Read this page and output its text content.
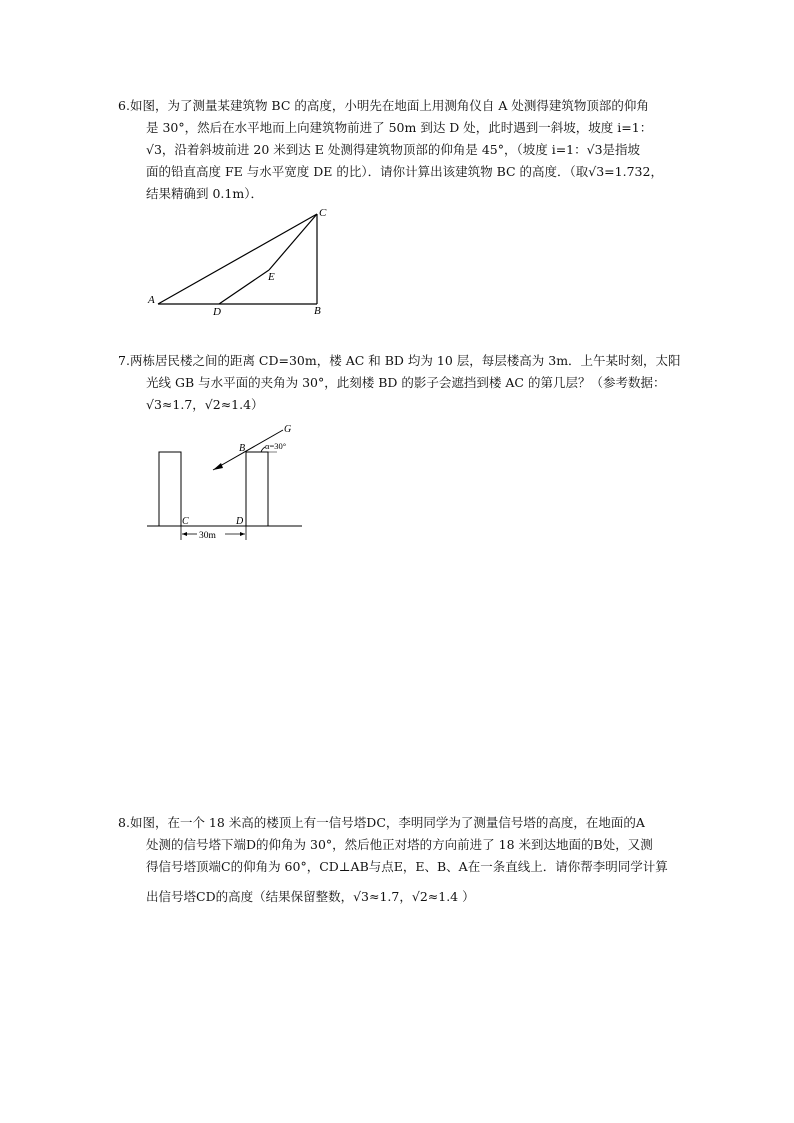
6.如图，为了测量某建筑物 BC 的高度，小明先在地面上用测角仪自 A 处测得建筑物顶部的仰角

是 30°，然后在水平地而上向建筑物前进了 50m 到达 D 处，此时遇到一斜坡，坡度 i=1：

√3，沿着斜坡前进 20 米到达 E 处测得建筑物顶部的仰角是 45°，（坡度 i=1：√3是指坡

面的铅直高度 FE 与水平宽度 DE 的比）．请你计算出该建筑物 BC 的高度．（取√3=1.732，

结果精确到 0.1m）．

A
D	B
C
E

7.两栋居民楼之间的距离 CD=30m，楼 AC 和 BD 均为 10 层，每层楼高为 3m．上午某时刻，太阳

光线 GB 与水平面的夹角为 30°，此刻楼 BD 的影子会遮挡到楼 AC 的第几层？（参考数据：

√3≈1.7，√2≈1.4）

B
G
α=30°
C	D
30m

8.如图，在一个 18 米高的楼顶上有一信号塔DC，李明同学为了测量信号塔的高度，在地面的A

处测的信号塔下端D的仰角为 30°，然后他正对塔的方向前进了 18 米到达地面的B处，又测

得信号塔顶端C的仰角为 60°，CD⊥AB与点E，E、B、A在一条直线上．请你帮李明同学计算

出信号塔CD的高度（结果保留整数，√3≈1.7，√2≈1.4 ）
